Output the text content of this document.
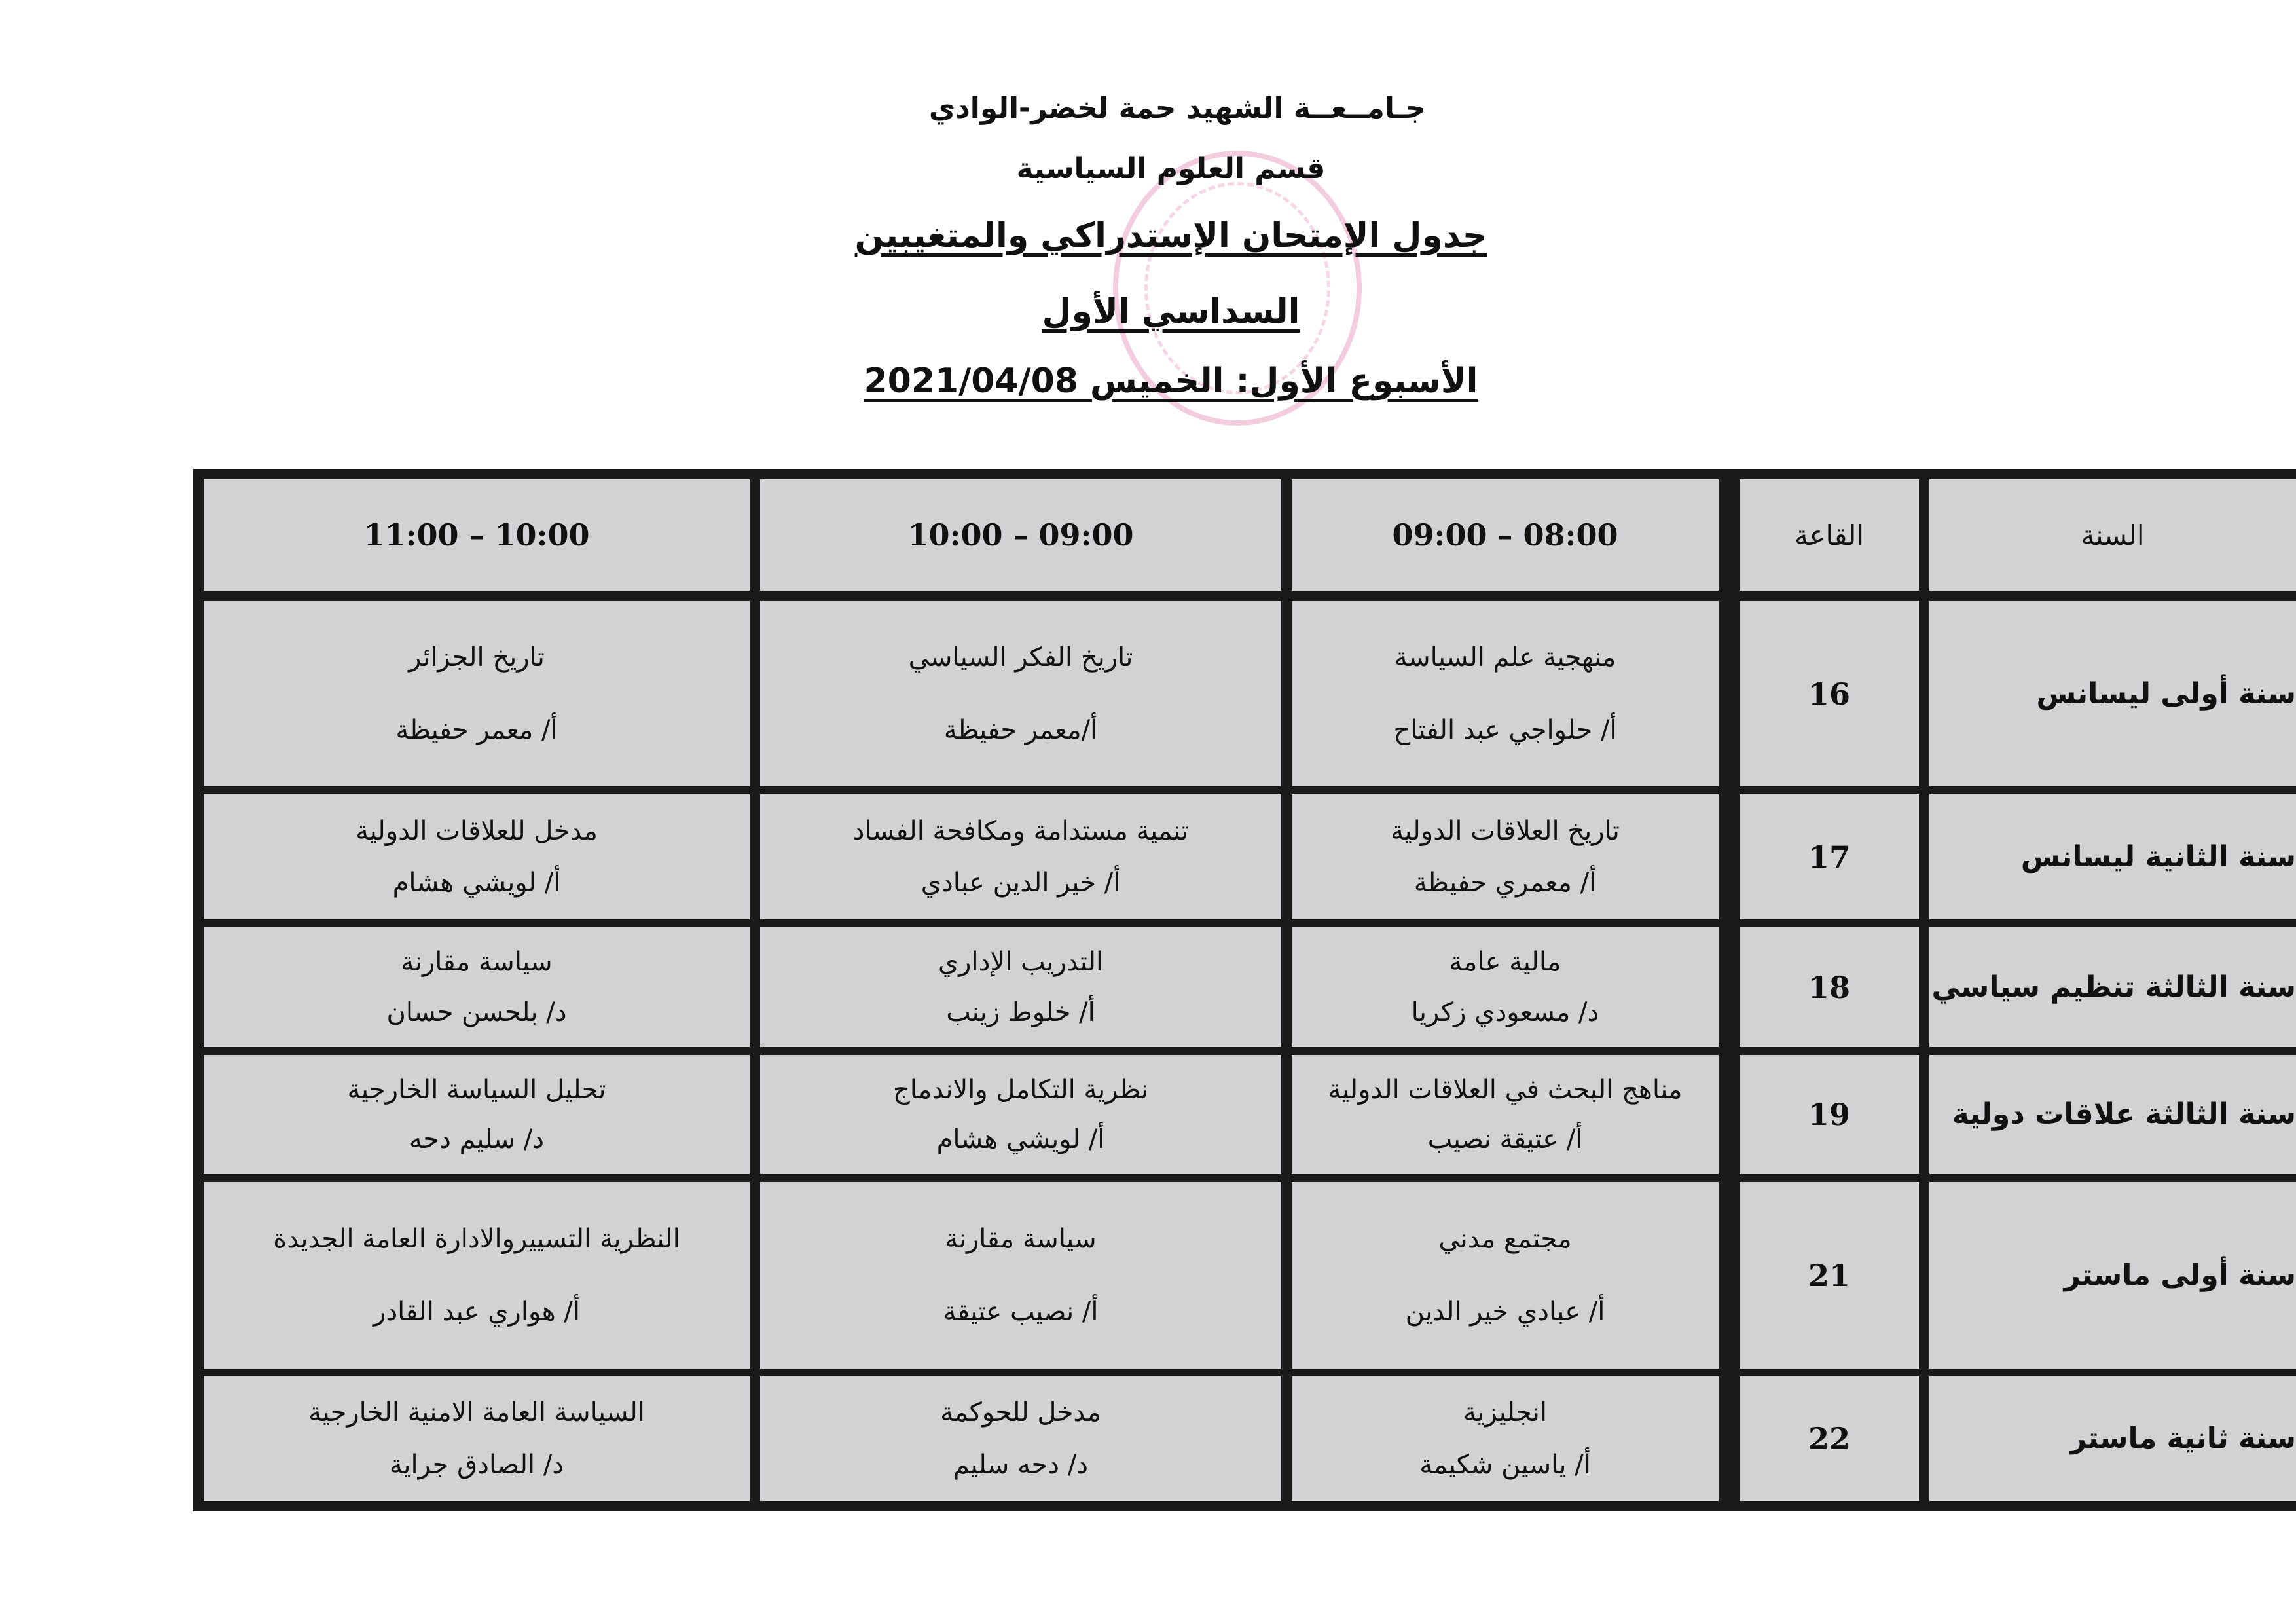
جـامــعــة الشهيد حمة لخضر-الوادي
قسم العلوم السياسية
جدول الإمتحان الإستدراكي والمتغيبين
السداسي الأول
الأسبوع الأول: الخميس 2021/04/08
10:00 – 11:00
تاريخ الجزائر
أ/ معمر حفيظة
مدخل للعلاقات الدولية
أ/ لويشي هشام
سياسة مقارنة
د/ بلحسن حسان
تحليل السياسة الخارجية
د/ سليم دحه
النظرية التسييروالادارة العامة الجديدة
أ/ هواري عبد القادر
السياسة العامة الامنية الخارجية
د/ الصادق جراية
09:00 – 10:00
تاريخ الفكر السياسي
أ/معمر حفيظة
تنمية مستدامة ومكافحة الفساد
أ/ خير الدين عبادي
التدريب الإداري
أ/ خلوط زينب
نظرية التكامل والاندماج
أ/ لويشي هشام
سياسة مقارنة
أ/ نصيب عتيقة
مدخل للحوكمة
د/ دحه سليم
08:00 – 09:00	القاعة
منهجية علم السياسة
أ/ حلواجي عبد الفتاح
16
تاريخ العلاقات الدولية
أ/ معمري حفيظة
17
مالية عامة
د/ مسعودي زكريا
18
مناهج البحث في العلاقات الدولية
أ/ عتيقة نصيب
19
مجتمع مدني
أ/ عبادي خير الدين
21
انجليزية
أ/ ياسين شكيمة
22
السنة
سنة أولى ليسانس
سنة الثانية ليسانس
سنة الثالثة تنظيم سياسي
سنة الثالثة علاقات دولية
سنة أولى ماستر
سنة ثانية ماستر
